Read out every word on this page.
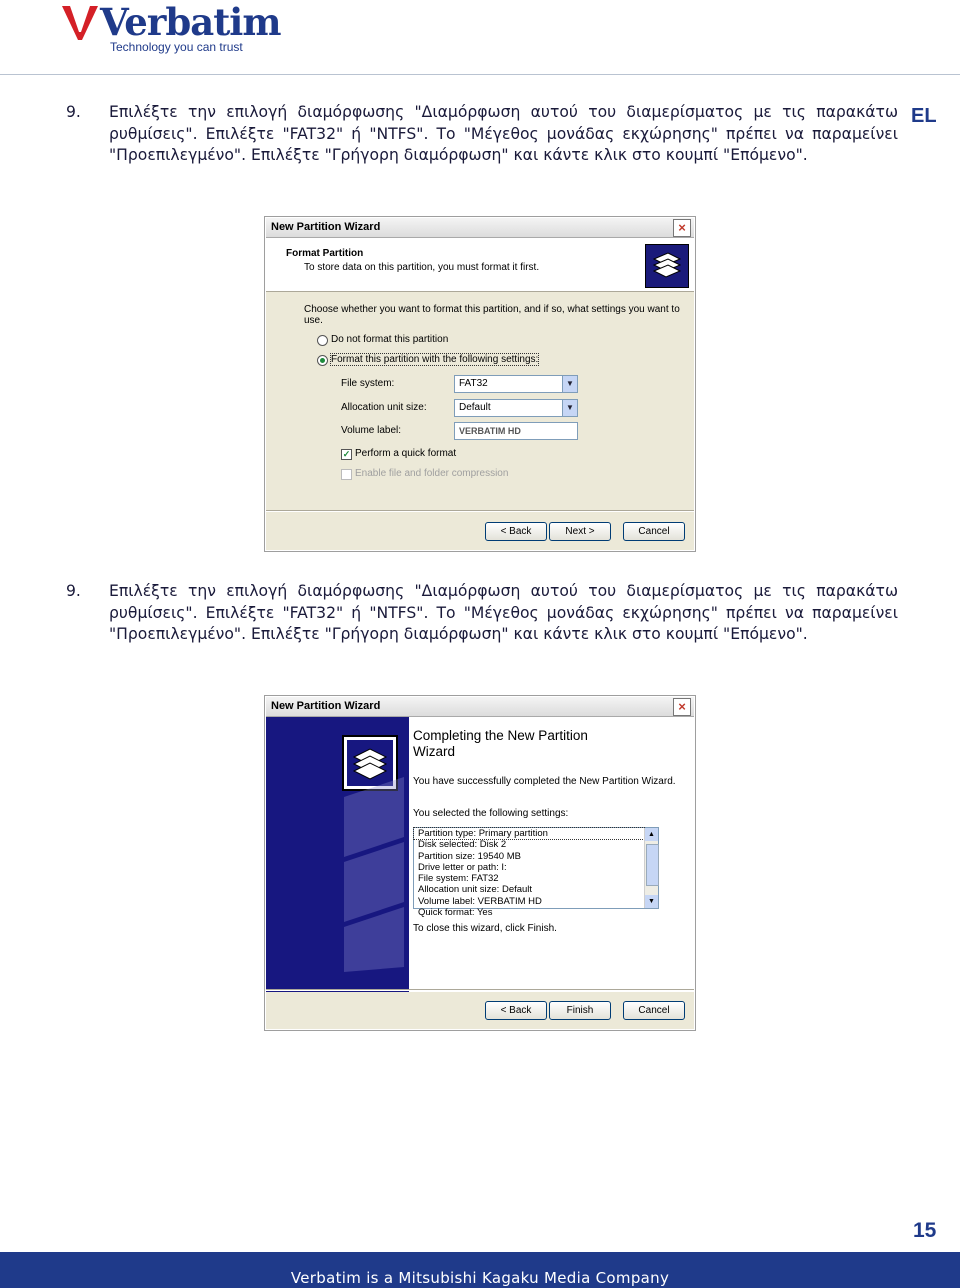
Verbatim
Technology you can trust
EL
9. Επιλέξτε την επιλογή διαμόρφωσης "Διαμόρφωση αυτού του διαμερίσματος με τις παρακάτω ρυθμίσεις". Επιλέξτε "FAT32" ή "NTFS". Το "Μέγεθος μονάδας εκχώρησης" πρέπει να παραμείνει "Προεπιλεγμένο". Επιλέξτε "Γρήγορη διαμόρφωση" και κάντε κλικ στο κουμπί "Επόμενο".
New Partition Wizard	×
Format Partition
To store data on this partition, you must format it first.
Choose whether you want to format this partition, and if so, what settings you want to use.
Do not format this partition
Format this partition with the following settings:
File system:	FAT32	▼
Allocation unit size:	Default	▼
Volume label:	VERBATIM HD
✓ Perform a quick format
Enable file and folder compression
< Back	Next >	Cancel
9. Επιλέξτε την επιλογή διαμόρφωσης "Διαμόρφωση αυτού του διαμερίσματος με τις παρακάτω ρυθμίσεις". Επιλέξτε "FAT32" ή "NTFS". Το "Μέγεθος μονάδας εκχώρησης" πρέπει να παραμείνει "Προεπιλεγμένο". Επιλέξτε "Γρήγορη διαμόρφωση" και κάντε κλικ στο κουμπί "Επόμενο".
New Partition Wizard	×
Completing the New Partition
Wizard
You have successfully completed the New Partition Wizard.
You selected the following settings:
Partition type: Primary partition
Disk selected: Disk 2
Partition size: 19540 MB
Drive letter or path: I:
File system: FAT32
Allocation unit size: Default
Volume label: VERBATIM HD
Quick format: Yes
▲
▼
To close this wizard, click Finish.
< Back	Finish	Cancel
15
Verbatim is a Mitsubishi Kagaku Media Company
